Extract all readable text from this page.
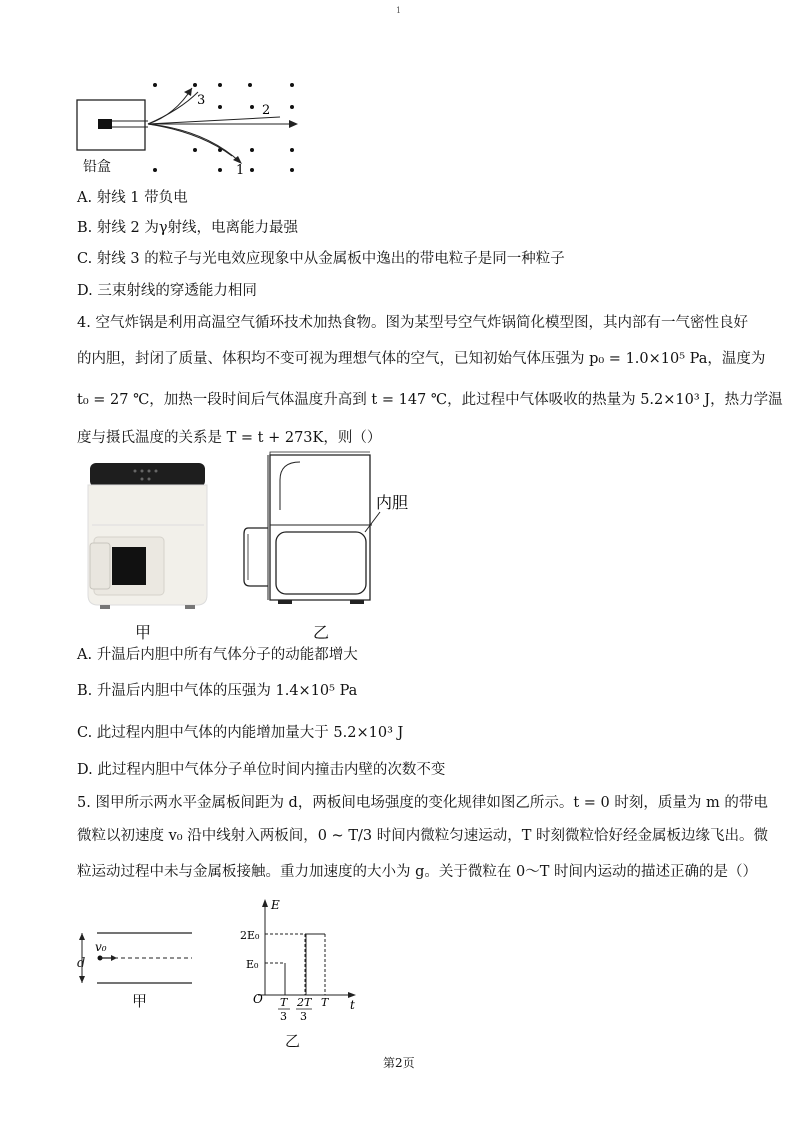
1
3
2
1
铅盒
A. 射线 1 带负电
B. 射线 2 为γ射线，电离能力最强
C. 射线 3 的粒子与光电效应现象中从金属板中逸出的带电粒子是同一种粒子
D. 三束射线的穿透能力相同
4. 空气炸锅是利用高温空气循环技术加热食物。图为某型号空气炸锅简化模型图，其内部有一气密性良好
的内胆，封闭了质量、体积均不变可视为理想气体的空气，已知初始气体压强为 p₀ = 1.0×10⁵ Pa，温度为
t₀ = 27 ℃，加热一段时间后气体温度升高到 t = 147 ℃，此过程中气体吸收的热量为 5.2×10³ J，热力学温
度与摄氏温度的关系是 T = t + 273K，则（）
甲
内胆
乙
A. 升温后内胆中所有气体分子的动能都增大
B. 升温后内胆中气体的压强为 1.4×10⁵ Pa
C. 此过程内胆中气体的内能增加量大于 5.2×10³ J
D. 此过程内胆中气体分子单位时间内撞击内壁的次数不变
5. 图甲所示两水平金属板间距为 d，两板间电场强度的变化规律如图乙所示。t = 0 时刻，质量为 m 的带电
微粒以初速度 v₀ 沿中线射入两板间，0 ~ T/3 时间内微粒匀速运动，T 时刻微粒恰好经金属板边缘飞出。微
粒运动过程中未与金属板接触。重力加速度的大小为 g。关于微粒在 0～T 时间内运动的描述正确的是（）
v₀
d
甲
E
t
O
2E₀
E₀
T
3
2T
3
T
乙
第2页
